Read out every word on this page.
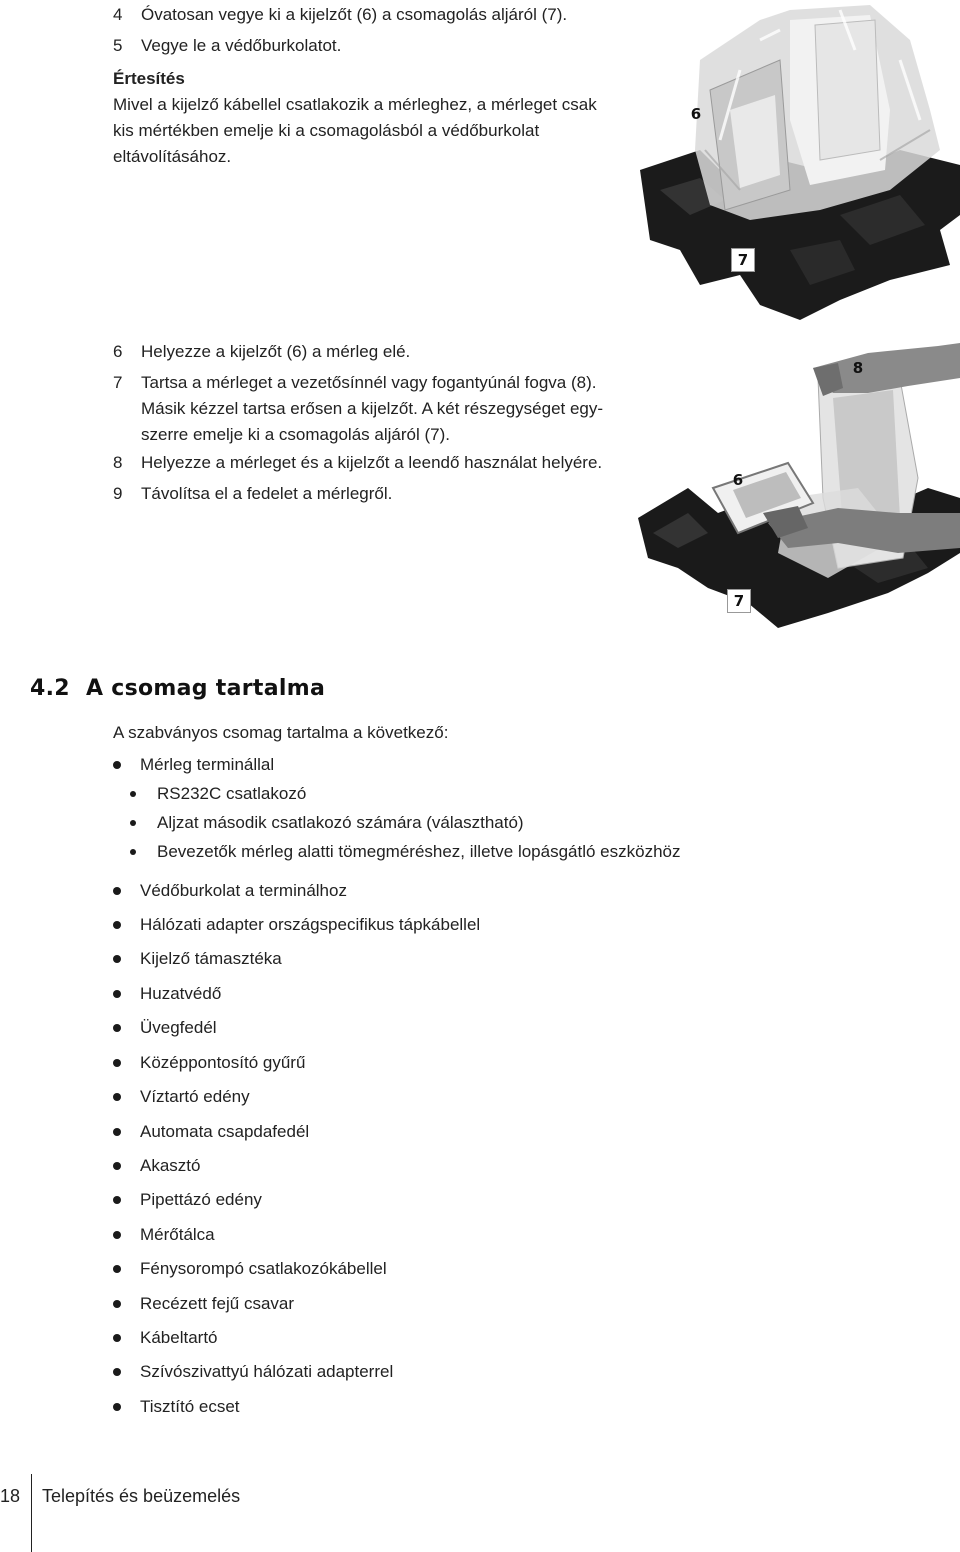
4 Óvatosan vegye ki a kijelzőt (6) a csomagolás aljáról (7).
5 Vegye le a védőburkolatot.
Értesítés
Mivel a kijelző kábellel csatlakozik a mérleghez, a mérleget csak
kis mértékben emelje ki a csomagolásból a védőburkolat
eltávolításához.
6
7
6 Helyezze a kijelzőt (6) a mérleg elé.
7 Tartsa a mérleget a vezetősínnél vagy fogantyúnál fogva (8).
Másik kézzel tartsa erősen a kijelzőt. A két részegységet egy-
szerre emelje ki a csomagolás aljáról (7).
8 Helyezze a mérleget és a kijelzőt a leendő használat helyére.
9 Távolítsa el a fedelet a mérlegről.
8
6
7
4.2 A csomag tartalma
A szabványos csomag tartalma a következő:
Mérleg terminállal
RS232C csatlakozó
Aljzat második csatlakozó számára (választható)
Bevezetők mérleg alatti tömegméréshez, illetve lopásgátló eszközhöz
Védőburkolat a terminálhoz
Hálózati adapter országspecifikus tápkábellel
Kijelző támasztéka
Huzatvédő
Üvegfedél
Középpontosító gyűrű
Víztartó edény
Automata csapdafedél
Akasztó
Pipettázó edény
Mérőtálca
Fénysorompó csatlakozókábellel
Recézett fejű csavar
Kábeltartó
Szívószivattyú hálózati adapterrel
Tisztító ecset
18 Telepítés és beüzemelés
